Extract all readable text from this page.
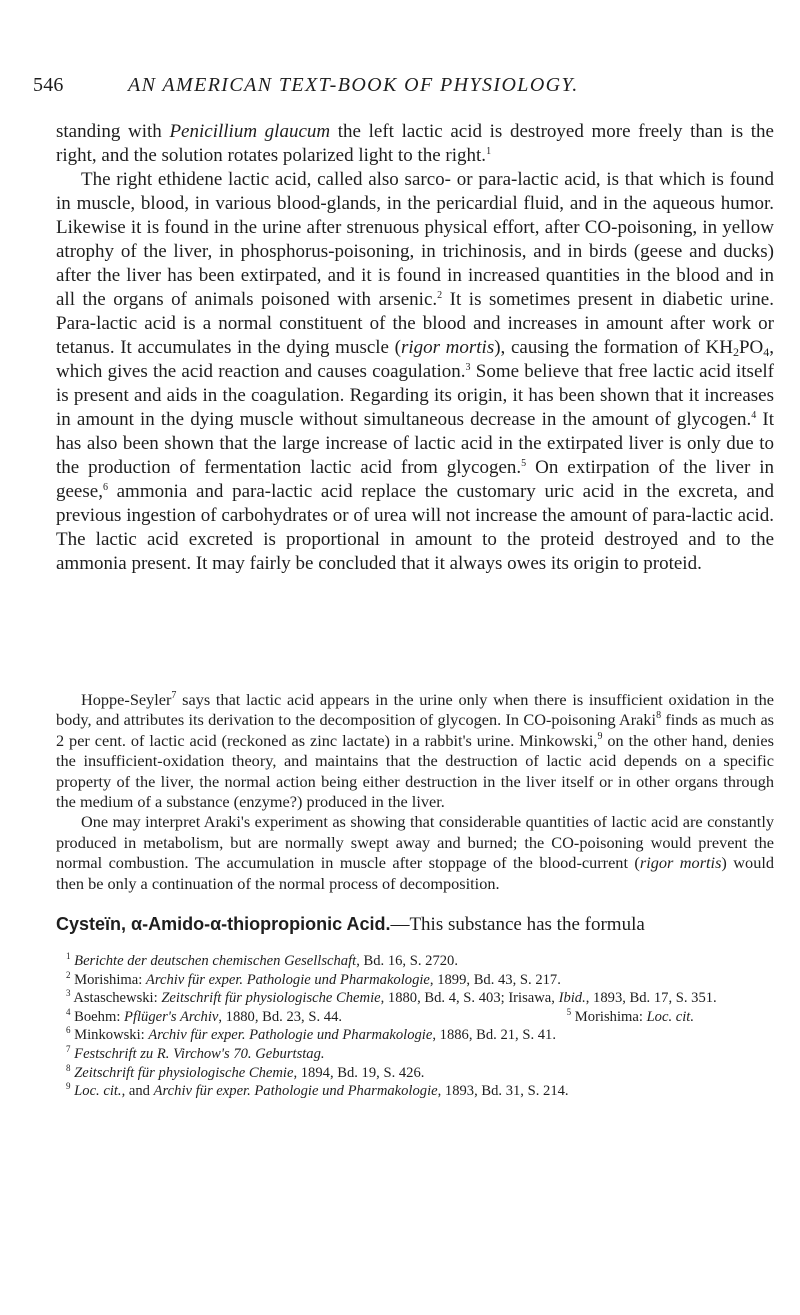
546	AN AMERICAN TEXT-BOOK OF PHYSIOLOGY.

standing with Penicillium glaucum the left lactic acid is destroyed more freely than is the right, and the solution rotates polarized light to the right.$^1$

The right ethidene lactic acid, called also sarco- or para-lactic acid, is that which is found in muscle, blood, in various blood-glands, in the pericardial fluid, and in the aqueous humor. Likewise it is found in the urine after strenuous physical effort, after CO-poisoning, in yellow atrophy of the liver, in phosphorus-poisoning, in trichinosis, and in birds (geese and ducks) after the liver has been extirpated, and it is found in increased quantities in the blood and in all the organs of animals poisoned with arsenic.$^2$ It is sometimes present in diabetic urine. Para-lactic acid is a normal constituent of the blood and increases in amount after work or tetanus. It accumulates in the dying muscle (rigor mortis), causing the formation of $KH_2PO_4$, which gives the acid reaction and causes coagulation.$^3$ Some believe that free lactic acid itself is present and aids in the coagulation. Regarding its origin, it has been shown that it increases in amount in the dying muscle without simultaneous decrease in the amount of glycogen.$^4$ It has also been shown that the large increase of lactic acid in the extirpated liver is only due to the production of fermentation lactic acid from glycogen.$^5$ On extirpation of the liver in geese,$^6$ ammonia and para-lactic acid replace the customary uric acid in the excreta, and previous ingestion of carbohydrates or of urea will not increase the amount of para-lactic acid. The lactic acid excreted is proportional in amount to the proteid destroyed and to the ammonia present. It may fairly be concluded that it always owes its origin to proteid.

Hoppe-Seyler$^7$ says that lactic acid appears in the urine only when there is insufficient oxidation in the body, and attributes its derivation to the decomposition of glycogen. In CO-poisoning Araki$^8$ finds as much as 2 per cent. of lactic acid (reckoned as zinc lactate) in a rabbit's urine. Minkowski,$^9$ on the other hand, denies the insufficient-oxidation theory, and maintains that the destruction of lactic acid depends on a specific property of the liver, the normal action being either destruction in the liver itself or in other organs through the medium of a substance (enzyme?) produced in the liver.

One may interpret Araki's experiment as showing that considerable quantities of lactic acid are constantly produced in metabolism, but are normally swept away and burned; the CO-poisoning would prevent the normal combustion. The accumulation in muscle after stoppage of the blood-current (rigor mortis) would then be only a continuation of the normal process of decomposition.

Cysteïn, α-Amido-α-thiopropionic Acid.—This substance has the formula

$^1$ Berichte der deutschen chemischen Gesellschaft, Bd. 16, S. 2720.

$^2$ Morishima: Archiv für exper. Pathologie und Pharmakologie, 1899, Bd. 43, S. 217.

$^3$ Astaschewski: Zeitschrift für physiologische Chemie, 1880, Bd. 4, S. 403; Irisawa, Ibid., 1893, Bd. 17, S. 351.

$^4$ Boehm: Pflüger's Archiv, 1880, Bd. 23, S. 44.	$^5$ Morishima: Loc. cit.

$^6$ Minkowski: Archiv für exper. Pathologie und Pharmakologie, 1886, Bd. 21, S. 41.

$^7$ Festschrift zu R. Virchow's 70. Geburtstag.

$^8$ Zeitschrift für physiologische Chemie, 1894, Bd. 19, S. 426.

$^9$ Loc. cit., and Archiv für exper. Pathologie und Pharmakologie, 1893, Bd. 31, S. 214.
